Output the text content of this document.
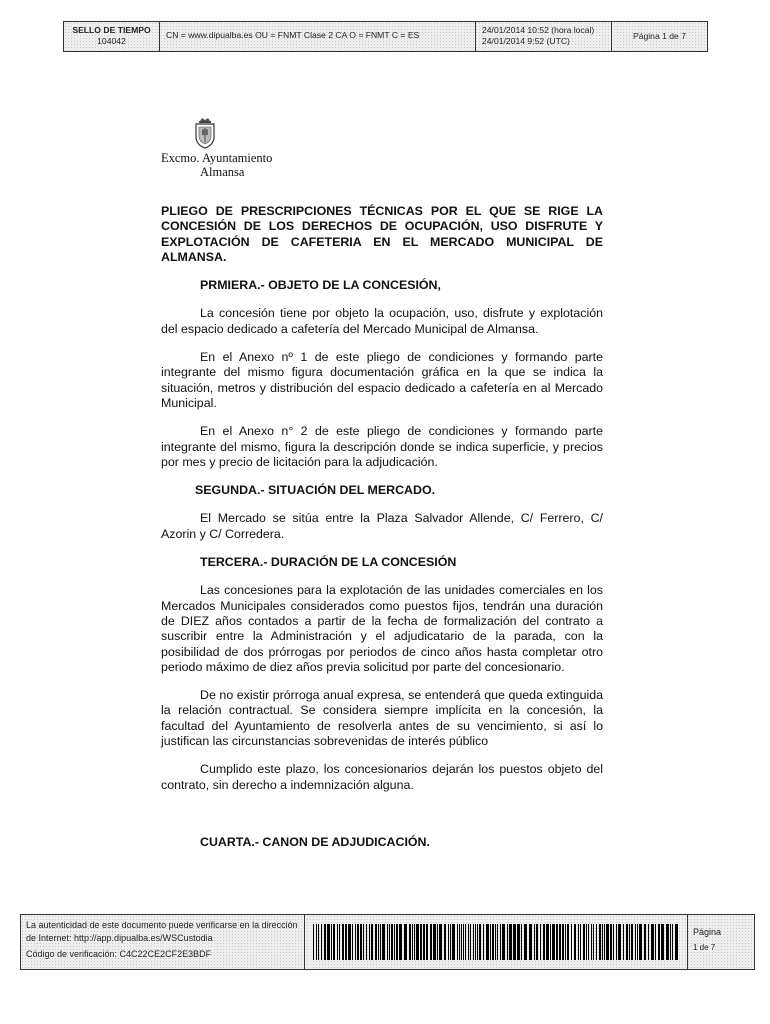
SELLO DE TIEMPO
104042
CN = www.dipualba.es OU = FNMT Clase 2 CA O = FNMT C = ES	24/01/2014 10:52 (hora local)
24/01/2014 9:52 (UTC)	Página 1 de 7
Excmo. Ayuntamiento
Almansa

PLIEGO DE PRESCRIPCIONES TÉCNICAS POR EL QUE SE RIGE LA CONCESIÓN DE LOS DERECHOS DE OCUPACIÓN, USO DISFRUTE Y EXPLOTACIÓN DE CAFETERIA EN EL MERCADO MUNICIPAL DE ALMANSA.

PRMIERA.- OBJETO DE LA CONCESIÓN,

La concesión tiene por objeto la ocupación, uso, disfrute y explotación del espacio dedicado a cafetería del Mercado Municipal de Almansa.

En el Anexo nº 1 de este pliego de condiciones y formando parte integrante del mismo figura documentación gráfica en la que se indica la situación, metros y distribución del espacio dedicado a cafetería en al Mercado Municipal.

En el Anexo n° 2 de este pliego de condiciones y formando parte integrante del mismo, figura la descripción donde se indica superficie, y precios por mes y precio de licitación para la adjudicación.

SEGUNDA.- SITUACIÓN DEL MERCADO.

El Mercado se sitúa entre la Plaza Salvador Allende, C/ Ferrero, C/ Azorin y C/ Corredera.

TERCERA.- DURACIÓN DE LA CONCESIÓN

Las concesiones para la explotación de las unidades comerciales en los Mercados Municipales considerados como puestos fijos, tendrán una duración de DIEZ años contados a partir de la fecha de formalización del contrato a suscribir entre la Administración y el adjudicatario de la parada, con la posibilidad de dos prórrogas por periodos de cinco años hasta completar otro periodo máximo de diez años previa solicitud por parte del concesionario.

De no existir prórroga anual expresa, se entenderá que queda extinguida la relación contractual. Se considera siempre implícita en la concesión, la facultad del Ayuntamiento de resolverla antes de su vencimiento, si así lo justifican las circunstancias sobrevenidas de interés público

Cumplido este plazo, los concesionarios dejarán los puestos objeto del contrato, sin derecho a indemnización alguna.

CUARTA.- CANON DE ADJUDICACIÓN.
La autenticidad de este documento puede verificarse en la dirección de Internet: http://app.dipualba.es/WSCustodia
Código de verificación: C4C22CE2CF2E3BDF
Página
1 de 7
